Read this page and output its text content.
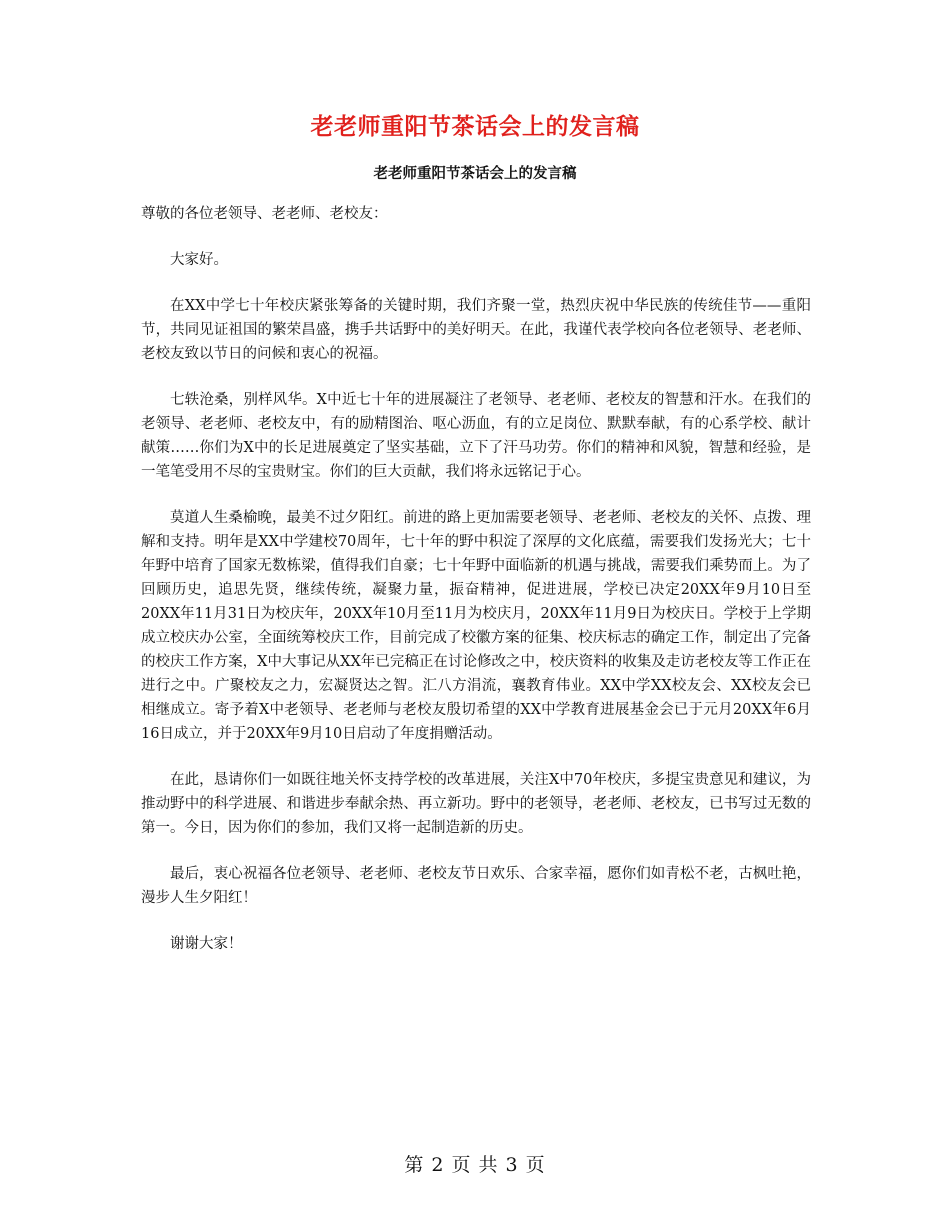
老老师重阳节茶话会上的发言稿
老老师重阳节茶话会上的发言稿

尊敬的各位老领导、老老师、老校友：

大家好。

在XX中学七十年校庆紧张筹备的关键时期，我们齐聚一堂，热烈庆祝中华民族的传统佳节——重阳节，共同见证祖国的繁荣昌盛，携手共话野中的美好明天。在此，我谨代表学校向各位老领导、老老师、老校友致以节日的问候和衷心的祝福。

七轶沧桑，别样风华。X中近七十年的进展凝注了老领导、老老师、老校友的智慧和汗水。在我们的老领导、老老师、老校友中，有的励精图治、呕心沥血，有的立足岗位、默默奉献，有的心系学校、献计献策……你们为X中的长足进展奠定了坚实基础，立下了汗马功劳。你们的精神和风貌，智慧和经验，是一笔笔受用不尽的宝贵财宝。你们的巨大贡献，我们将永远铭记于心。

莫道人生桑榆晚，最美不过夕阳红。前进的路上更加需要老领导、老老师、老校友的关怀、点拨、理解和支持。明年是XX中学建校70周年，七十年的野中积淀了深厚的文化底蕴，需要我们发扬光大；七十年野中培育了国家无数栋梁，值得我们自豪；七十年野中面临新的机遇与挑战，需要我们乘势而上。为了回顾历史，追思先贤，继续传统，凝聚力量，振奋精神，促进进展，学校已决定20XX年9月10日至20XX年11月31日为校庆年，20XX年10月至11月为校庆月，20XX年11月9日为校庆日。学校于上学期成立校庆办公室，全面统筹校庆工作，目前完成了校徽方案的征集、校庆标志的确定工作，制定出了完备的校庆工作方案，X中大事记从XX年已完稿正在讨论修改之中，校庆资料的收集及走访老校友等工作正在进行之中。广聚校友之力，宏凝贤达之智。汇八方涓流，襄教育伟业。XX中学XX校友会、XX校友会已相继成立。寄予着X中老领导、老老师与老校友殷切希望的XX中学教育进展基金会已于元月20XX年6月16日成立，并于20XX年9月10日启动了年度捐赠活动。

在此，恳请你们一如既往地关怀支持学校的改革进展，关注X中70年校庆，多提宝贵意见和建议，为推动野中的科学进展、和谐进步奉献余热、再立新功。野中的老领导，老老师、老校友，已书写过无数的第一。今日，因为你们的参加，我们又将一起制造新的历史。

最后，衷心祝福各位老领导、老老师、老校友节日欢乐、合家幸福，愿你们如青松不老，古枫吐艳，漫步人生夕阳红！

谢谢大家！

第 2 页 共 3 页
